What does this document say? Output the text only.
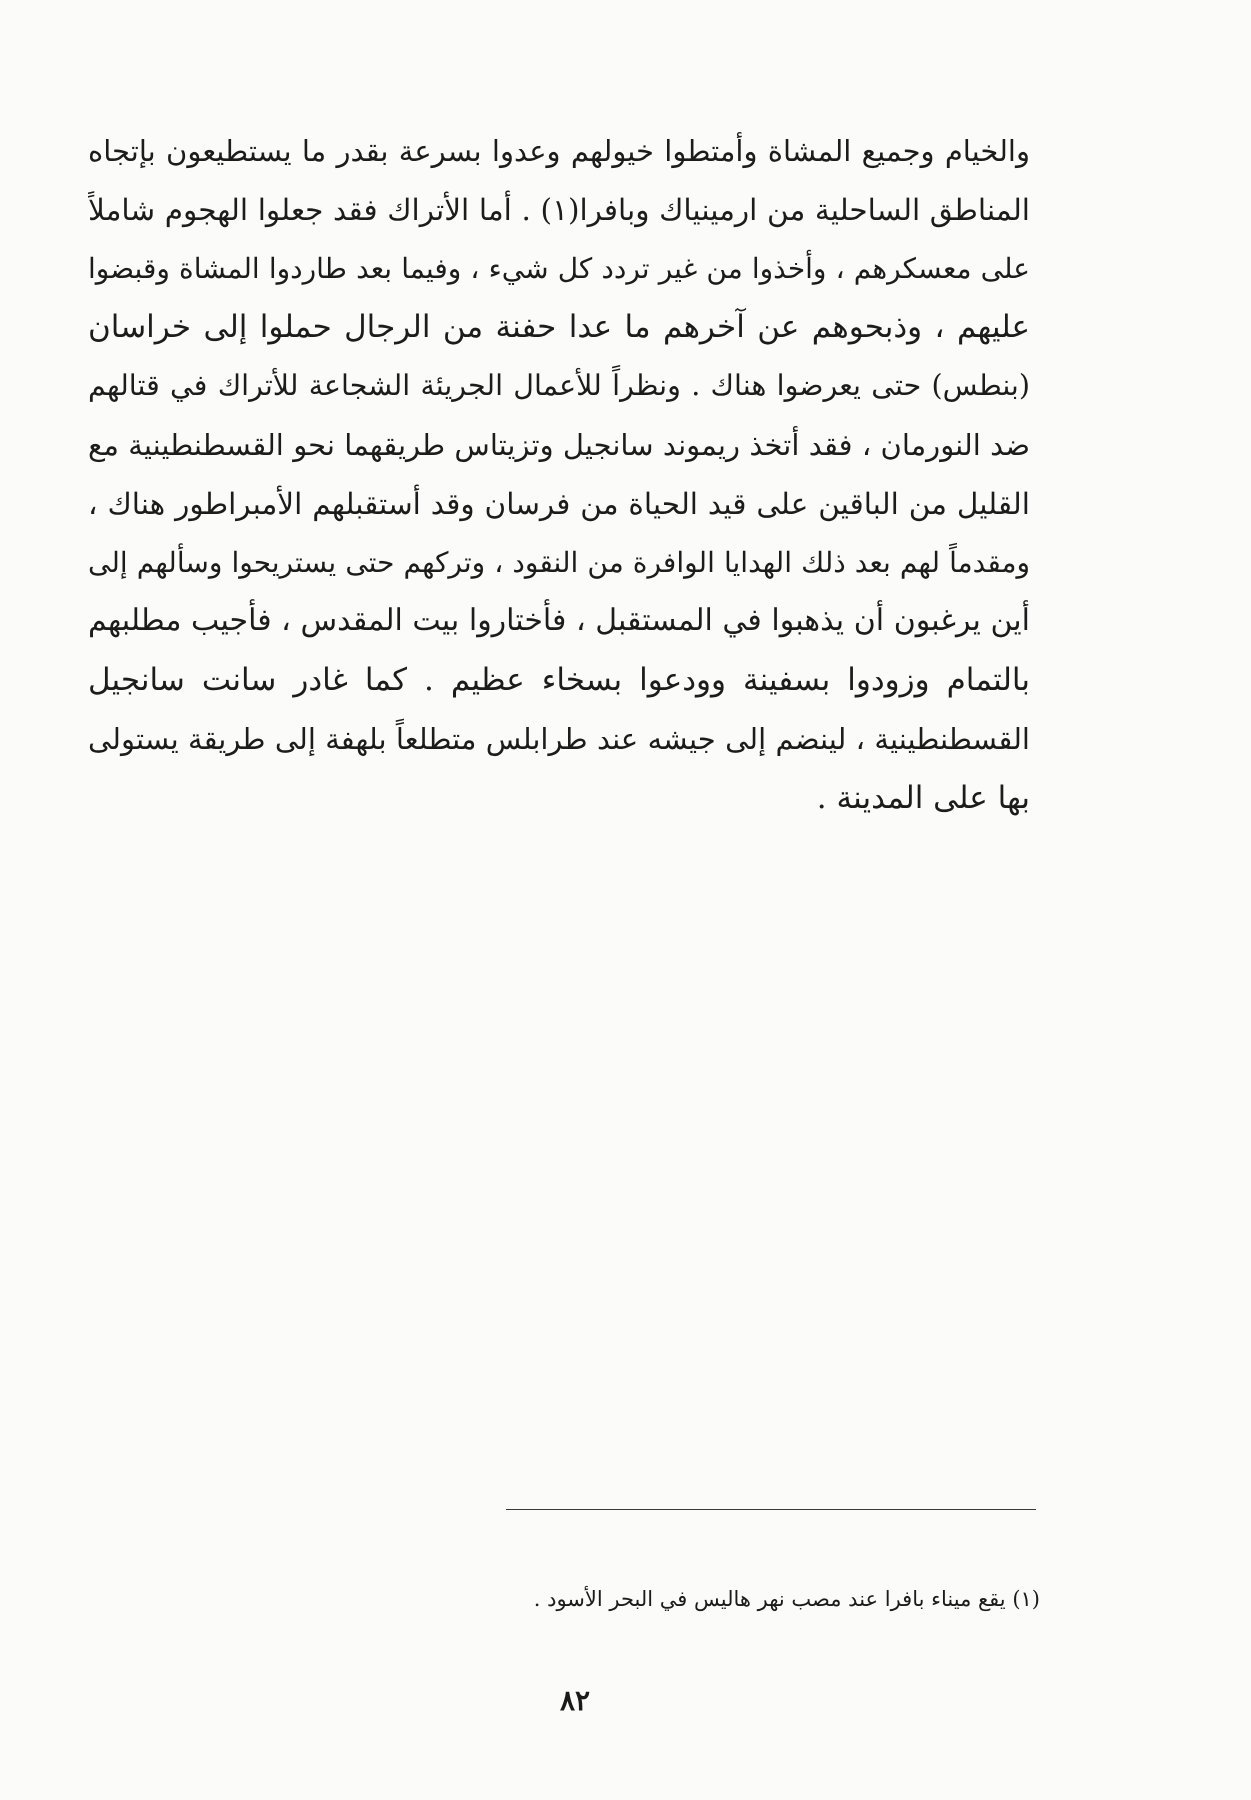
والخيام وجميع المشاة وأمتطوا خيولهم وعدوا بسرعة بقدر ما يستطيعون بإتجاه
المناطق الساحلية من ارمينياك وبافرا(١) . أما الأتراك فقد جعلوا الهجوم شاملاً
على معسكرهم ، وأخذوا من غير تردد كل شيء ، وفيما بعد طاردوا المشاة وقبضوا
عليهم ، وذبحوهم عن آخرهم ما عدا حفنة من الرجال حملوا إلى خراسان
(بنطس) حتى يعرضوا هناك . ونظراً للأعمال الجريئة الشجاعة للأتراك في قتالهم
ضد النورمان ، فقد أتخذ ريموند سانجيل وتزيتاس طريقهما نحو القسطنطينية مع
القليل من الباقين على قيد الحياة من فرسان وقد أستقبلهم الأمبراطور هناك ،
ومقدماً لهم بعد ذلك الهدايا الوافرة من النقود ، وتركهم حتى يستريحوا وسألهم إلى
أين يرغبون أن يذهبوا في المستقبل ، فأختاروا بيت المقدس ، فأجيب مطلبهم
بالتمام وزودوا بسفينة وودعوا بسخاء عظيم . كما غادر سانت سانجيل
القسطنطينية ، لينضم إلى جيشه عند طرابلس متطلعاً بلهفة إلى طريقة يستولى
بها على المدينة .
(١) يقع ميناء بافرا عند مصب نهر هاليس في البحر الأسود .
٨٢
